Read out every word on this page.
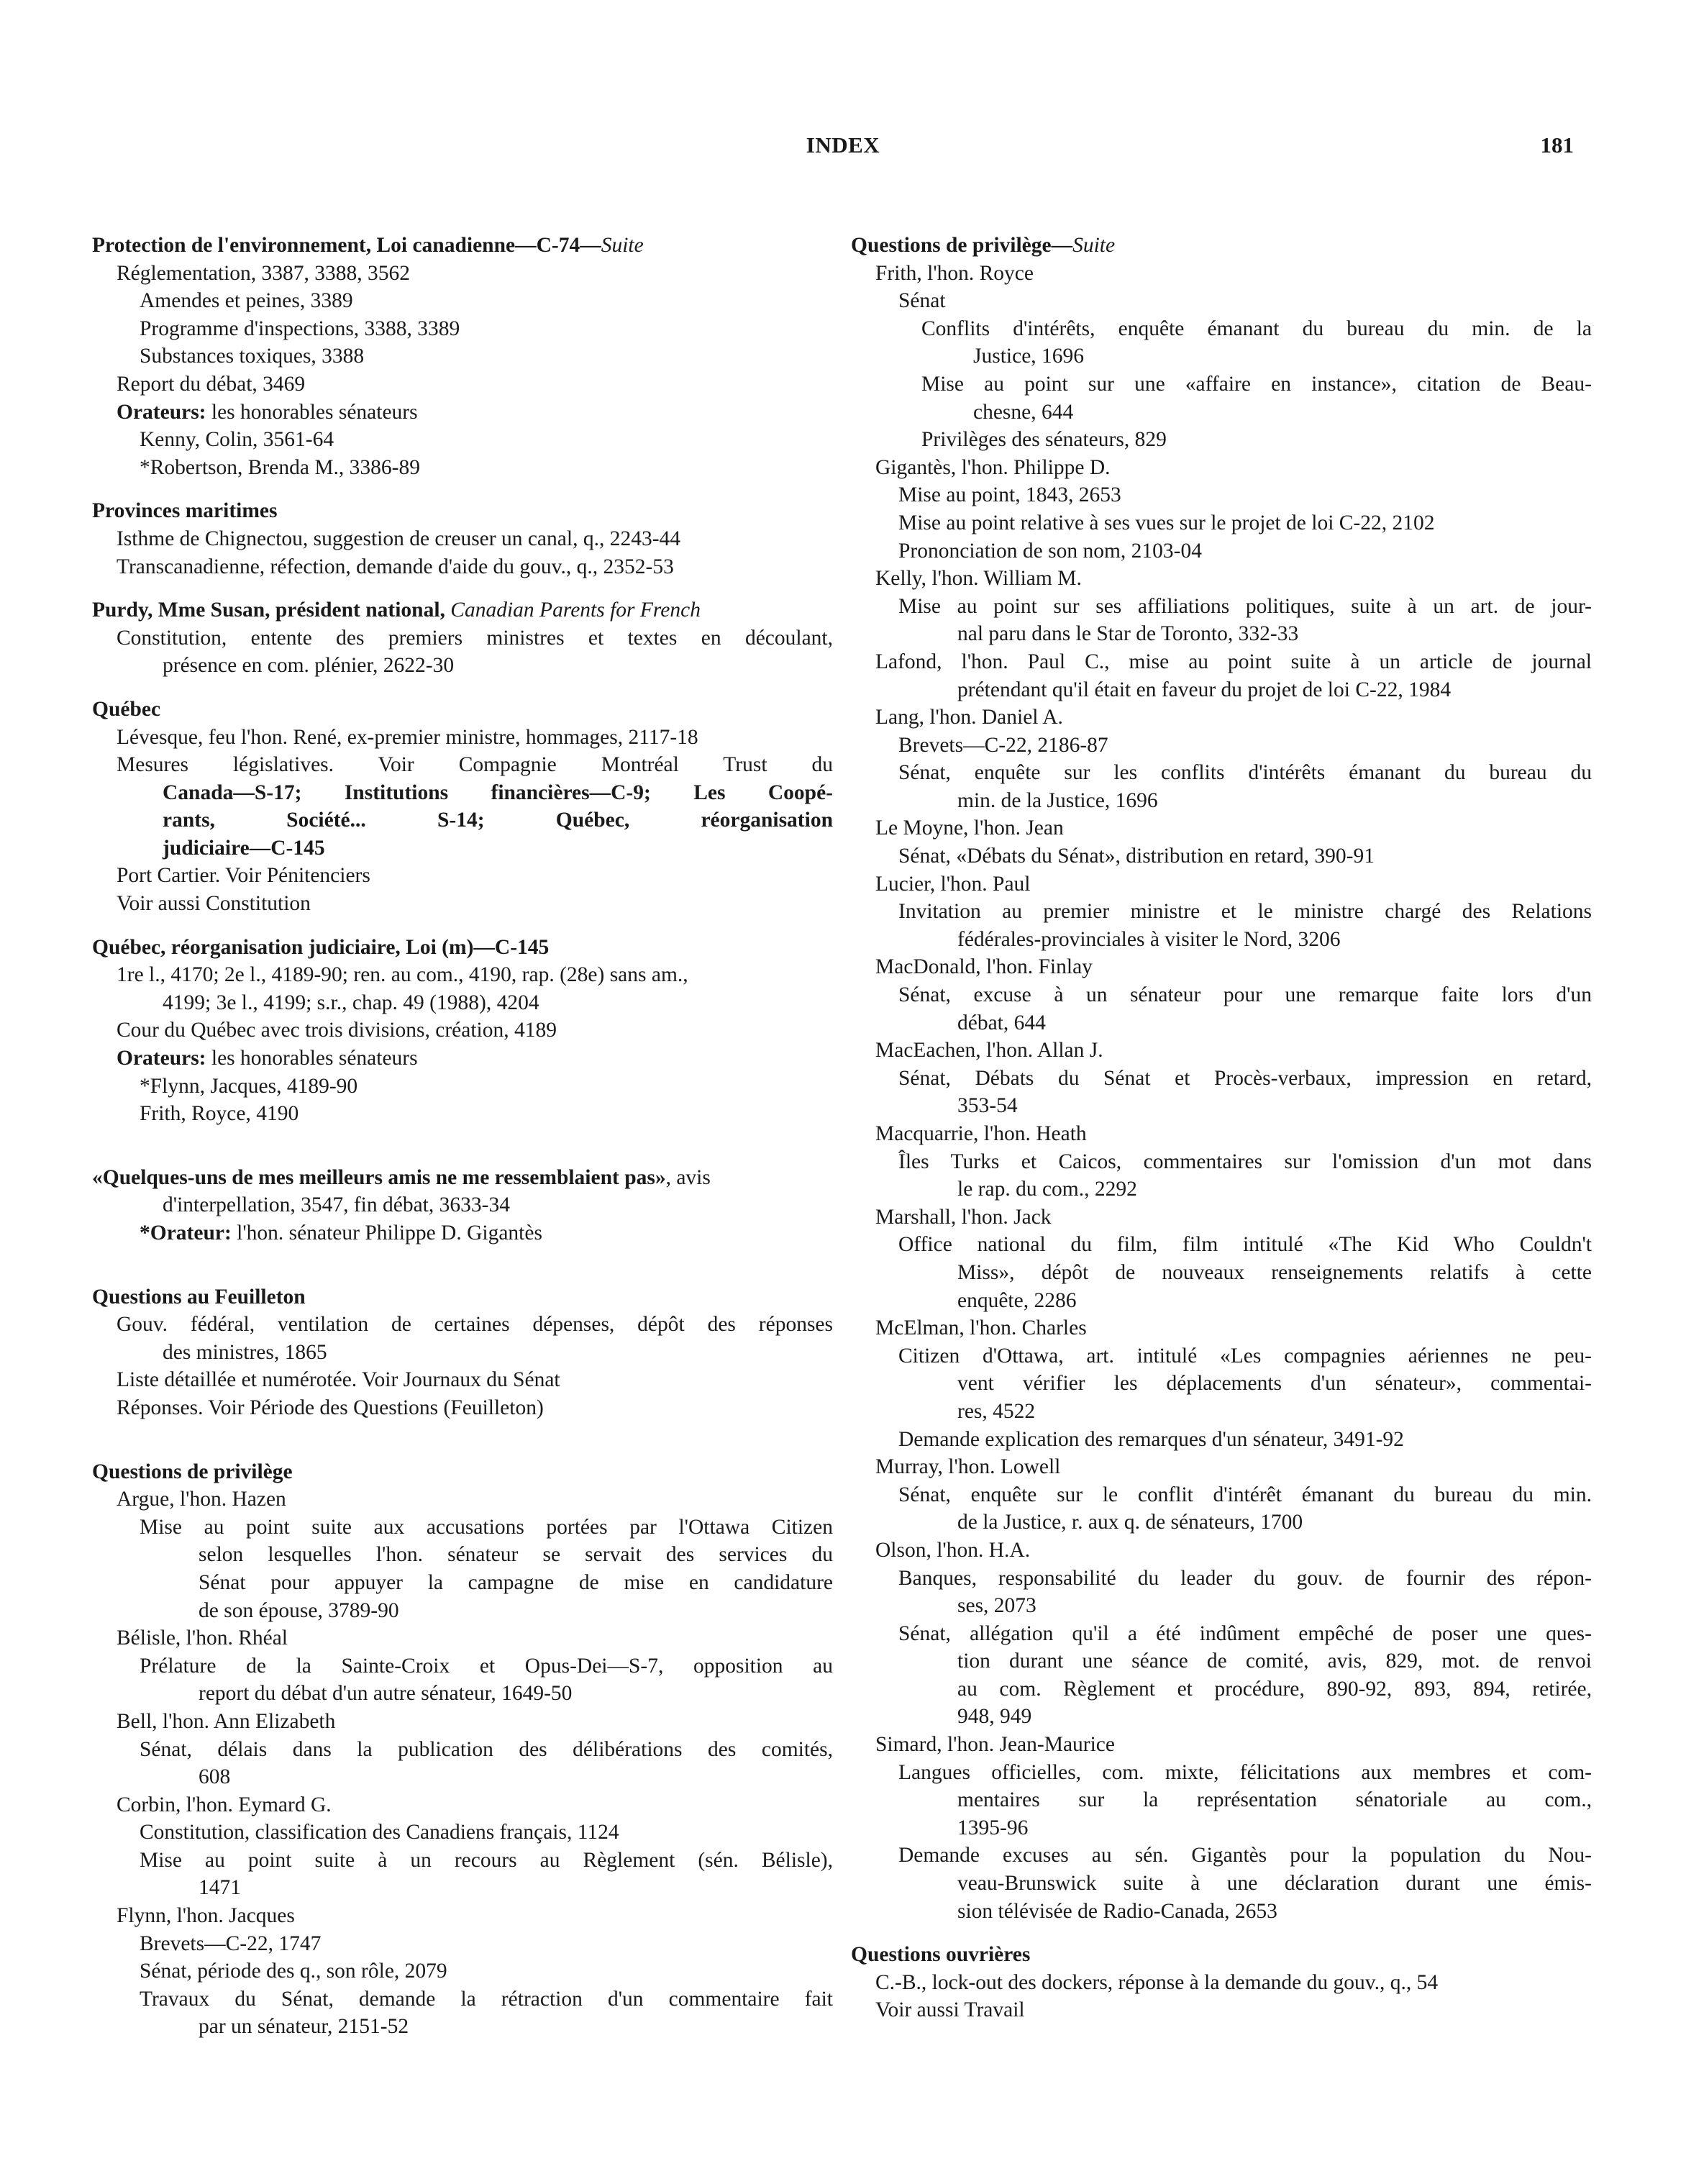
INDEX	181
Protection de l'environnement, Loi canadienne—C-74—Suite
Réglementation, 3387, 3388, 3562
Amendes et peines, 3389
Programme d'inspections, 3388, 3389
Substances toxiques, 3388
Report du débat, 3469
Orateurs: les honorables sénateurs
Kenny, Colin, 3561-64
*Robertson, Brenda M., 3386-89
Provinces maritimes
Isthme de Chignectou, suggestion de creuser un canal, q., 2243-44
Transcanadienne, réfection, demande d'aide du gouv., q., 2352-53
Purdy, Mme Susan, président national, Canadian Parents for French
Constitution, entente des premiers ministres et textes en découlant,
présence en com. plénier, 2622-30
Québec
Lévesque, feu l'hon. René, ex-premier ministre, hommages, 2117-18
Mesures législatives. Voir Compagnie Montréal Trust du
Canada—S-17; Institutions financières—C-9; Les Coopé-
rants, Société... S-14; Québec, réorganisation
judiciaire—C-145
Port Cartier. Voir Pénitenciers
Voir aussi Constitution
Québec, réorganisation judiciaire, Loi (m)—C-145
1re l., 4170; 2e l., 4189-90; ren. au com., 4190, rap. (28e) sans am.,
4199; 3e l., 4199; s.r., chap. 49 (1988), 4204
Cour du Québec avec trois divisions, création, 4189
Orateurs: les honorables sénateurs
*Flynn, Jacques, 4189-90
Frith, Royce, 4190
«Quelques-uns de mes meilleurs amis ne me ressemblaient pas», avis
d'interpellation, 3547, fin débat, 3633-34
*Orateur: l'hon. sénateur Philippe D. Gigantès
Questions au Feuilleton
Gouv. fédéral, ventilation de certaines dépenses, dépôt des réponses
des ministres, 1865
Liste détaillée et numérotée. Voir Journaux du Sénat
Réponses. Voir Période des Questions (Feuilleton)
Questions de privilège
Argue, l'hon. Hazen
Mise au point suite aux accusations portées par l'Ottawa Citizen
selon lesquelles l'hon. sénateur se servait des services du
Sénat pour appuyer la campagne de mise en candidature
de son épouse, 3789-90
Bélisle, l'hon. Rhéal
Prélature de la Sainte-Croix et Opus-Dei—S-7, opposition au
report du débat d'un autre sénateur, 1649-50
Bell, l'hon. Ann Elizabeth
Sénat, délais dans la publication des délibérations des comités,
608
Corbin, l'hon. Eymard G.
Constitution, classification des Canadiens français, 1124
Mise au point suite à un recours au Règlement (sén. Bélisle),
1471
Flynn, l'hon. Jacques
Brevets—C-22, 1747
Sénat, période des q., son rôle, 2079
Travaux du Sénat, demande la rétraction d'un commentaire fait
par un sénateur, 2151-52
Questions de privilège—Suite
Frith, l'hon. Royce
Sénat
Conflits d'intérêts, enquête émanant du bureau du min. de la
Justice, 1696
Mise au point sur une «affaire en instance», citation de Beau-
chesne, 644
Privilèges des sénateurs, 829
Gigantès, l'hon. Philippe D.
Mise au point, 1843, 2653
Mise au point relative à ses vues sur le projet de loi C-22, 2102
Prononciation de son nom, 2103-04
Kelly, l'hon. William M.
Mise au point sur ses affiliations politiques, suite à un art. de jour-
nal paru dans le Star de Toronto, 332-33
Lafond, l'hon. Paul C., mise au point suite à un article de journal
prétendant qu'il était en faveur du projet de loi C-22, 1984
Lang, l'hon. Daniel A.
Brevets—C-22, 2186-87
Sénat, enquête sur les conflits d'intérêts émanant du bureau du
min. de la Justice, 1696
Le Moyne, l'hon. Jean
Sénat, «Débats du Sénat», distribution en retard, 390-91
Lucier, l'hon. Paul
Invitation au premier ministre et le ministre chargé des Relations
fédérales-provinciales à visiter le Nord, 3206
MacDonald, l'hon. Finlay
Sénat, excuse à un sénateur pour une remarque faite lors d'un
débat, 644
MacEachen, l'hon. Allan J.
Sénat, Débats du Sénat et Procès-verbaux, impression en retard,
353-54
Macquarrie, l'hon. Heath
Îles Turks et Caicos, commentaires sur l'omission d'un mot dans
le rap. du com., 2292
Marshall, l'hon. Jack
Office national du film, film intitulé «The Kid Who Couldn't
Miss», dépôt de nouveaux renseignements relatifs à cette
enquête, 2286
McElman, l'hon. Charles
Citizen d'Ottawa, art. intitulé «Les compagnies aériennes ne peu-
vent vérifier les déplacements d'un sénateur», commentai-
res, 4522
Demande explication des remarques d'un sénateur, 3491-92
Murray, l'hon. Lowell
Sénat, enquête sur le conflit d'intérêt émanant du bureau du min.
de la Justice, r. aux q. de sénateurs, 1700
Olson, l'hon. H.A.
Banques, responsabilité du leader du gouv. de fournir des répon-
ses, 2073
Sénat, allégation qu'il a été indûment empêché de poser une ques-
tion durant une séance de comité, avis, 829, mot. de renvoi
au com. Règlement et procédure, 890-92, 893, 894, retirée,
948, 949
Simard, l'hon. Jean-Maurice
Langues officielles, com. mixte, félicitations aux membres et com-
mentaires sur la représentation sénatoriale au com.,
1395-96
Demande excuses au sén. Gigantès pour la population du Nou-
veau-Brunswick suite à une déclaration durant une émis-
sion télévisée de Radio-Canada, 2653
Questions ouvrières
C.-B., lock-out des dockers, réponse à la demande du gouv., q., 54
Voir aussi Travail
